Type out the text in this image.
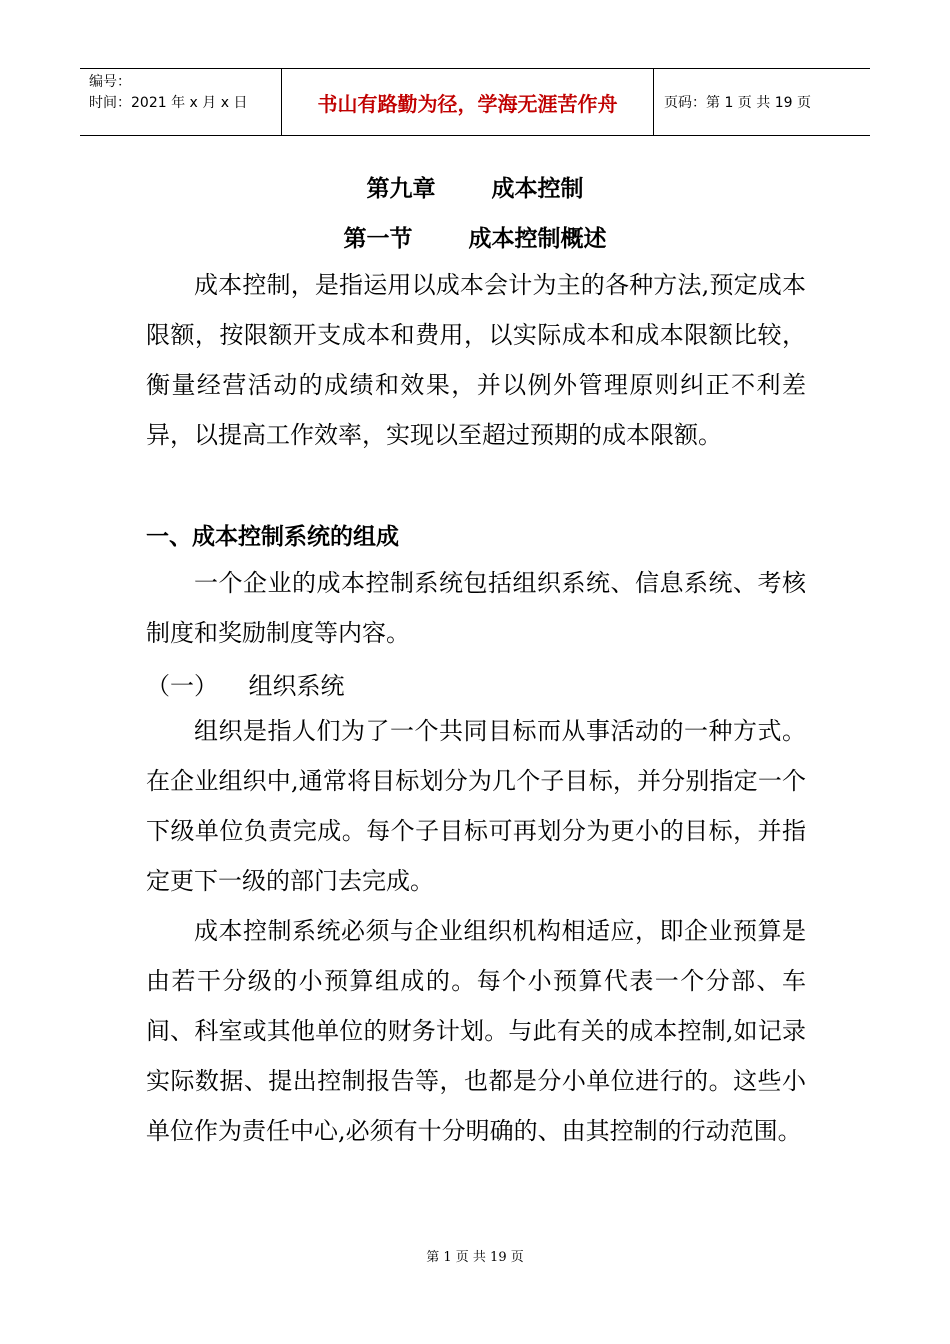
编号：
时间：2021 年 x 月 x 日	书山有路勤为径，学海无涯苦作舟	页码：第 1 页 共 19 页
第九章       成本控制
第一节       成本控制概述

成本控制，是指运用以成本会计为主的各种方法,预定成本限额，按限额开支成本和费用，以实际成本和成本限额比较，衡量经营活动的成绩和效果，并以例外管理原则纠正不利差异，以提高工作效率，实现以至超过预期的成本限额。

一、成本控制系统的组成

一个企业的成本控制系统包括组织系统、信息系统、考核制度和奖励制度等内容。

（一）    组织系统

组织是指人们为了一个共同目标而从事活动的一种方式。在企业组织中,通常将目标划分为几个子目标，并分别指定一个下级单位负责完成。每个子目标可再划分为更小的目标，并指定更下一级的部门去完成。

成本控制系统必须与企业组织机构相适应，即企业预算是由若干分级的小预算组成的。每个小预算代表一个分部、车间、科室或其他单位的财务计划。与此有关的成本控制,如记录实际数据、提出控制报告等，也都是分小单位进行的。这些小单位作为责任中心,必须有十分明确的、由其控制的行动范围。

第 1 页 共 19 页
